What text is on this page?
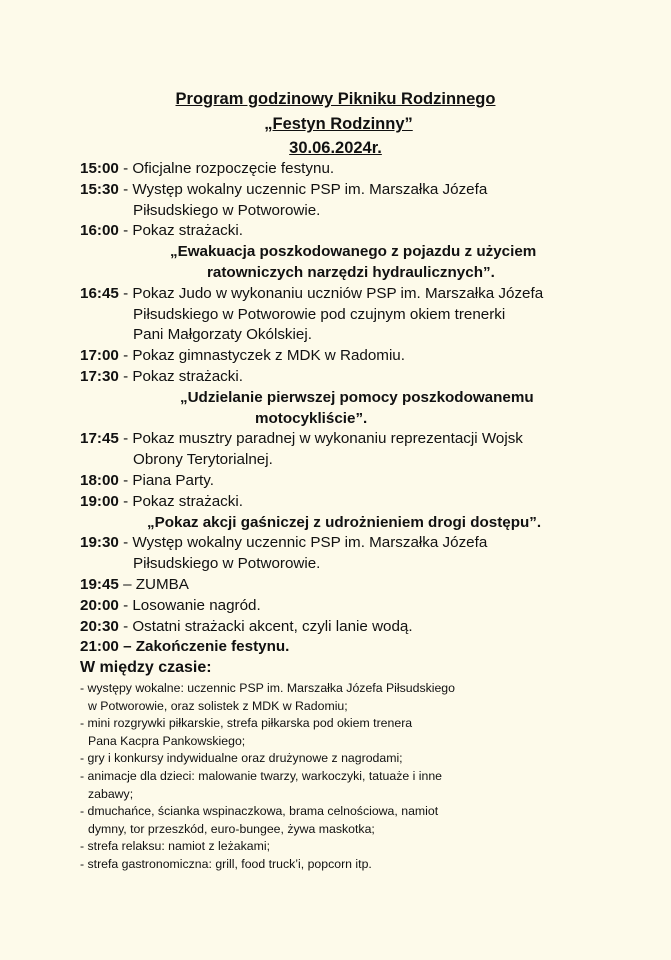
Program godzinowy Pikniku Rodzinnego
„Festyn Rodzinny”
30.06.2024r.
15:00 - Oficjalne rozpoczęcie festynu.
15:30 - Występ wokalny uczennic PSP im. Marszałka Józefa
Piłsudskiego w Potworowie.
16:00 - Pokaz strażacki.
„Ewakuacja poszkodowanego z pojazdu z użyciem
ratowniczych narzędzi hydraulicznych”.
16:45 - Pokaz Judo w wykonaniu uczniów PSP im. Marszałka Józefa
Piłsudskiego w Potworowie pod czujnym okiem trenerki
Pani Małgorzaty Okólskiej.
17:00 - Pokaz gimnastyczek z MDK w Radomiu.
17:30 - Pokaz strażacki.
„Udzielanie pierwszej pomocy poszkodowanemu
motocykliście”.
17:45 - Pokaz musztry paradnej w wykonaniu reprezentacji Wojsk
Obrony Terytorialnej.
18:00 - Piana Party.
19:00 - Pokaz strażacki.
„Pokaz akcji gaśniczej z udrożnieniem drogi dostępu”.
19:30 - Występ wokalny uczennic PSP im. Marszałka Józefa
Piłsudskiego w Potworowie.
19:45 – ZUMBA
20:00 - Losowanie nagród.
20:30 - Ostatni strażacki akcent, czyli lanie wodą.
21:00 – Zakończenie festynu.
W między czasie:
- występy wokalne: uczennic PSP im. Marszałka Józefa Piłsudskiego
w Potworowie, oraz solistek z MDK w Radomiu;
- mini rozgrywki piłkarskie, strefa piłkarska pod okiem trenera
Pana Kacpra Pankowskiego;
- gry i konkursy indywidualne oraz drużynowe z nagrodami;
- animacje dla dzieci: malowanie twarzy, warkoczyki, tatuaże i inne
zabawy;
- dmuchańce, ścianka wspinaczkowa, brama celnościowa, namiot
dymny, tor przeszkód, euro-bungee, żywa maskotka;
- strefa relaksu: namiot z leżakami;
- strefa gastronomiczna: grill, food truck’i, popcorn itp.
